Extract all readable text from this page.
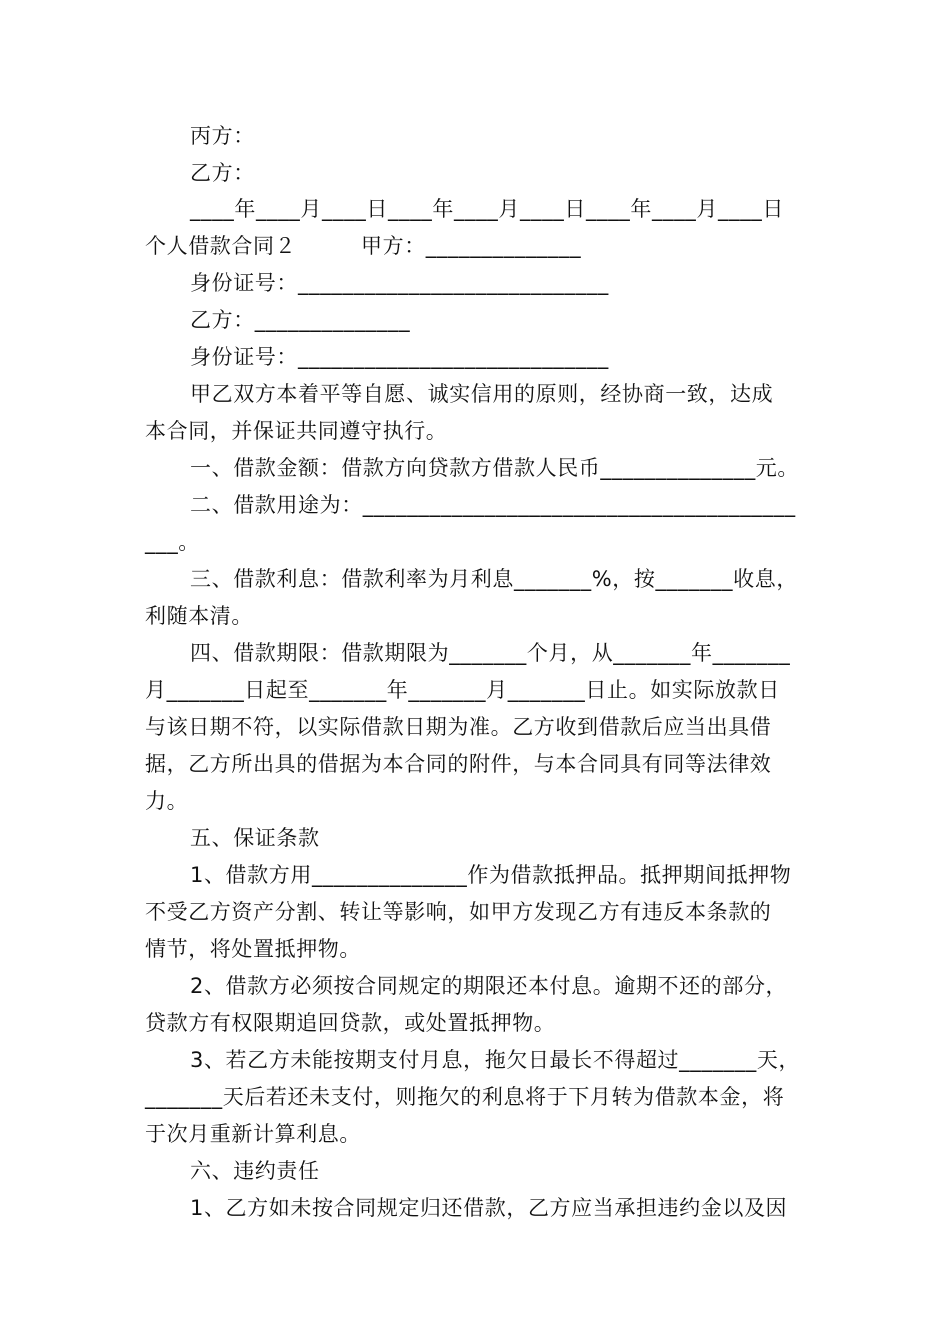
丙方：
乙方：
____年____月____日____年____月____日____年____月____日
个人借款合同２　　　甲方：______________
身份证号：____________________________
乙方：______________
身份证号：____________________________
甲乙双方本着平等自愿、诚实信用的原则，经协商一致，达成
本合同，并保证共同遵守执行。
一、借款金额：借款方向贷款方借款人民币______________元。
二、借款用途为：_______________________________________
___。
三、借款利息：借款利率为月利息_______%，按_______收息，
利随本清。
四、借款期限：借款期限为_______个月，从_______年_______
月_______日起至_______年_______月_______日止。如实际放款日
与该日期不符，以实际借款日期为准。乙方收到借款后应当出具借
据，乙方所出具的借据为本合同的附件，与本合同具有同等法律效
力。
五、保证条款
1、借款方用______________作为借款抵押品。抵押期间抵押物
不受乙方资产分割、转让等影响，如甲方发现乙方有违反本条款的
情节，将处置抵押物。
2、借款方必须按合同规定的期限还本付息。逾期不还的部分，
贷款方有权限期追回贷款，或处置抵押物。
3、若乙方未能按期支付月息，拖欠日最长不得超过_______天，
_______天后若还未支付，则拖欠的利息将于下月转为借款本金，将
于次月重新计算利息。
六、违约责任
1、乙方如未按合同规定归还借款，乙方应当承担违约金以及因
